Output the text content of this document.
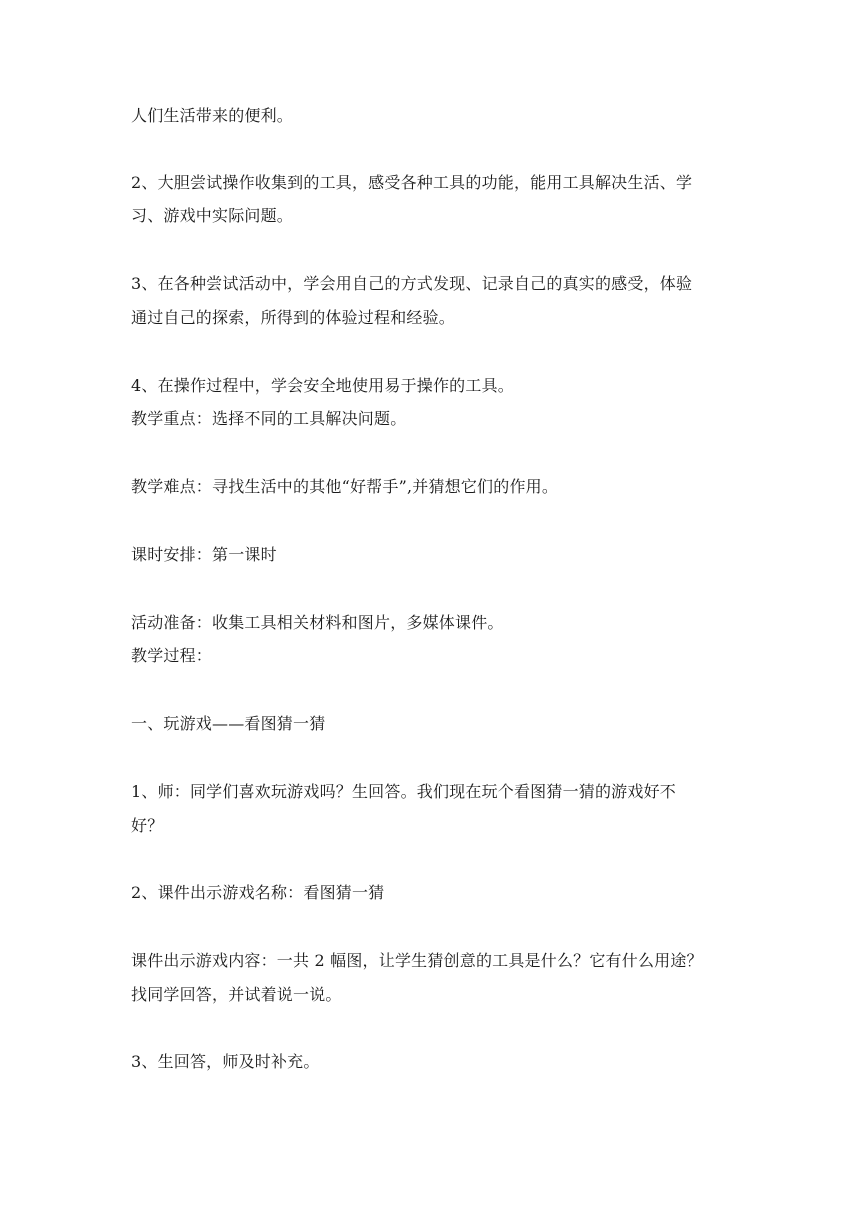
人们生活带来的便利。
2、大胆尝试操作收集到的工具，感受各种工具的功能，能用工具解决生活、学
习、游戏中实际问题。
3、在各种尝试活动中，学会用自己的方式发现、记录自己的真实的感受，体验
通过自己的探索，所得到的体验过程和经验。
4、在操作过程中，学会安全地使用易于操作的工具。
教学重点：选择不同的工具解决问题。
教学难点：寻找生活中的其他“好帮手”,并猜想它们的作用。
课时安排：第一课时
活动准备：收集工具相关材料和图片，多媒体课件。
教学过程：
一、玩游戏——看图猜一猜
1、师：同学们喜欢玩游戏吗？生回答。我们现在玩个看图猜一猜的游戏好不
好？
2、课件出示游戏名称：看图猜一猜
课件出示游戏内容：一共 2 幅图，让学生猜创意的工具是什么？它有什么用途？
找同学回答，并试着说一说。
3、生回答，师及时补充。
